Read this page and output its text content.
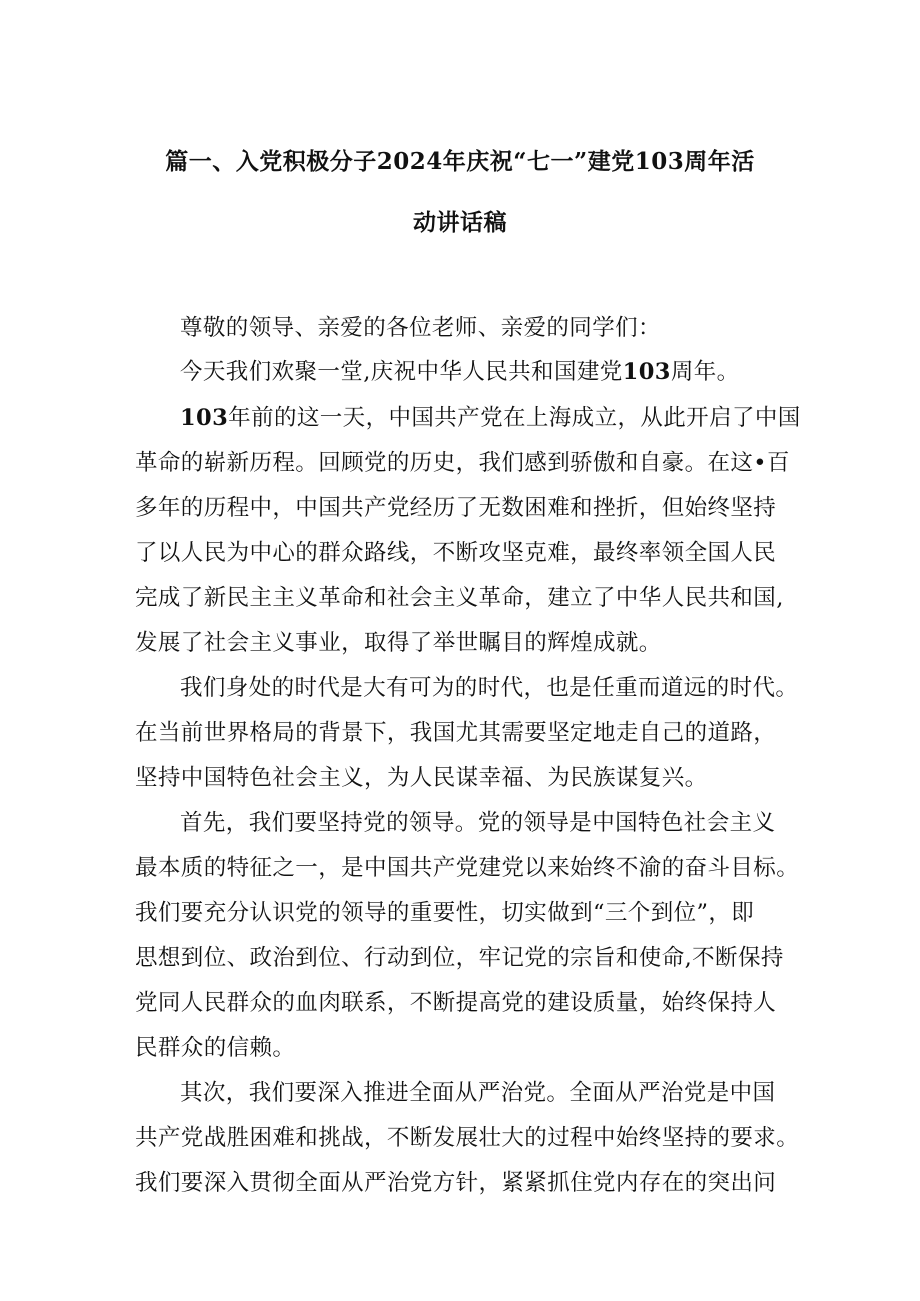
篇一、入党积极分子2024年庆祝“七一”建党103周年活
动讲话稿
尊敬的领导、亲爱的各位老师、亲爱的同学们：
今天我们欢聚一堂,庆祝中华人民共和国建党103周年。
103年前的这一天，中国共产党在上海成立，从此开启了中国
革命的崭新历程。回顾党的历史，我们感到骄傲和自豪。在这•百
多年的历程中，中国共产党经历了无数困难和挫折，但始终坚持
了以人民为中心的群众路线，不断攻坚克难，最终率领全国人民
完成了新民主主义革命和社会主义革命，建立了中华人民共和国,
发展了社会主义事业，取得了举世瞩目的辉煌成就。
我们身处的时代是大有可为的时代，也是任重而道远的时代。
在当前世界格局的背景下，我国尤其需要坚定地走自己的道路，
坚持中国特色社会主义，为人民谋幸福、为民族谋复兴。
首先，我们要坚持党的领导。党的领导是中国特色社会主义
最本质的特征之一，是中国共产党建党以来始终不渝的奋斗目标。
我们要充分认识党的领导的重要性，切实做到“三个到位”，即
思想到位、政治到位、行动到位，牢记党的宗旨和使命,不断保持
党同人民群众的血肉联系，不断提高党的建设质量，始终保持人
民群众的信赖。
其次，我们要深入推进全面从严治党。全面从严治党是中国
共产党战胜困难和挑战，不断发展壮大的过程中始终坚持的要求。
我们要深入贯彻全面从严治党方针，紧紧抓住党内存在的突出问
